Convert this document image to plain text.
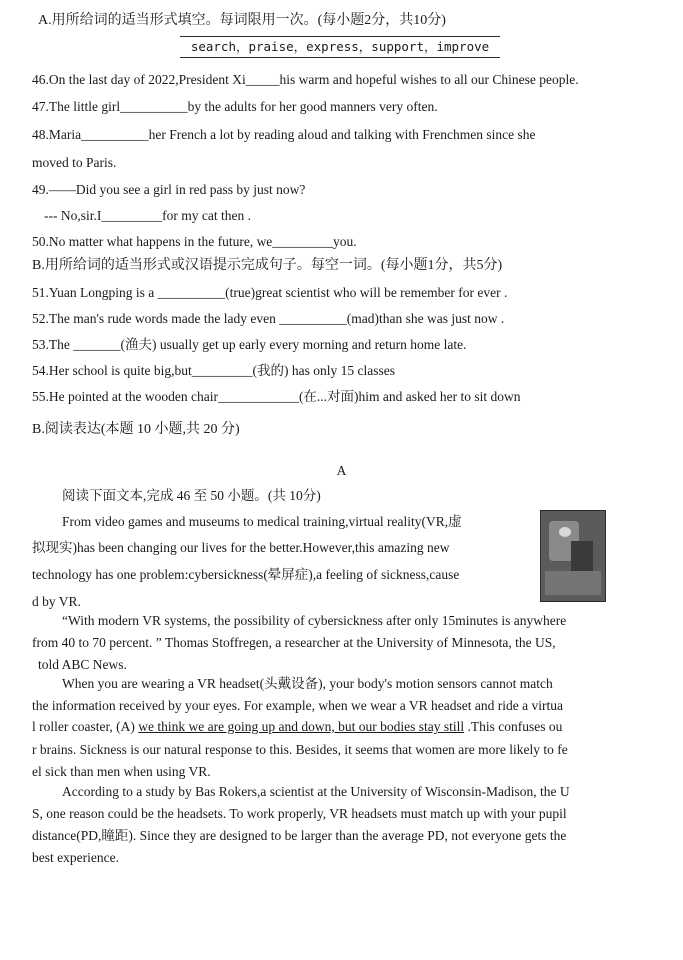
A.用所给词的适当形式填空。每词限用一次。(每小题2分，共10分)
search，praise，express，support，improve
46.On the last day of 2022,President Xi_____his warm and hopeful wishes to all our Chinese people.
47.The little girl__________by the adults for her good manners very often.
48.Maria__________her French a lot by reading aloud and talking with Frenchmen since she
moved to Paris.
49.——Did you see a girl in red pass by just now?
--- No,sir.I_________for my cat then .
50.No matter what happens in the future, we_________you.
B.用所给词的适当形式或汉语提示完成句子。每空一词。(每小题1分，共5分)
51.Yuan Longping is a __________(true)great scientist who will be remember for ever .
52.The man's rude words made the lady even __________(mad)than she was just now .
53.The _______(渔夫) usually get up early every morning and return home late.
54.Her school is quite big,but_________(我的) has only 15 classes
55.He pointed at the wooden chair____________(在...对面)him and asked her to sit down
B.阅读表达(本题 10 小题,共 20 分)
A
阅读下面文本,完成 46 至 50 小题。(共 10分)
From video games and museums to medical training,virtual reality(VR,虚
拟现实)has been changing our lives for the better.However,this amazing new
technology has one problem:cybersickness(晕屏症),a feeling of sickness,cause
d by VR.
“With modern VR systems, the possibility of cybersickness after only 15minutes is anywhere
from 40 to 70 percent. ” Thomas Stoffregen, a researcher at the University of Minnesota, the US,
told ABC News.
When you are wearing a VR headset(头戴设备), your body's motion sensors cannot match
the information received by your eyes. For example, when we wear a VR headset and ride a virtua
l roller coaster, (A) we think we are going up and down, but our bodies stay still .This confuses ou
r brains. Sickness is our natural response to this. Besides, it seems that women are more likely to fe
el sick than men when using VR.
According to a study by Bas Rokers,a scientist at the University of Wisconsin-Madison, the U
S, one reason could be the headsets. To work properly, VR headsets must match up with your pupil
distance(PD,瞳距). Since they are designed to be larger than the average PD, not everyone gets the
best experience.
